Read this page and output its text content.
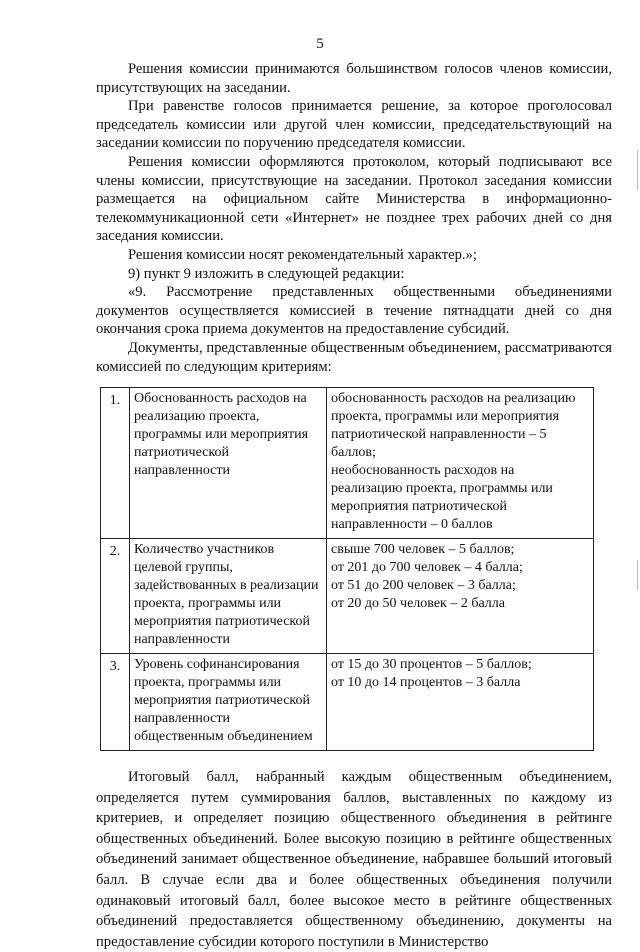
5

Решения комиссии принимаются большинством голосов членов комиссии, присутствующих на заседании.

При равенстве голосов принимается решение, за которое проголосовал председатель комиссии или другой член комиссии, председательствующий на заседании комиссии по поручению председателя комиссии.

Решения комиссии оформляются протоколом, который подписывают все члены комиссии, присутствующие на заседании. Протокол заседания комиссии размещается на официальном сайте Министерства в информационно-телекоммуникационной сети «Интернет» не позднее трех рабочих дней со дня заседания комиссии.

Решения комиссии носят рекомендательный характер.»;

9) пункт 9 изложить в следующей редакции:

«9. Рассмотрение представленных общественными объединениями документов осуществляется комиссией в течение пятнадцати дней со дня окончания срока приема документов на предоставление субсидий.

Документы, представленные общественным объединением, рассматриваются комиссией по следующим критериям:

1.	Обоснованность расходов на реализацию проекта, программы или мероприятия патриотической направленности	обоснованность расходов на реализацию проекта, программы или мероприятия патриотической направленности – 5 баллов;
необоснованность расходов на реализацию проекта, программы или мероприятия патриотической направленности – 0 баллов

2.	Количество участников целевой группы, задействованных в реализации проекта, программы или мероприятия патриотической направленности	свыше 700 человек – 5 баллов;
от 201 до 700 человек – 4 балла;
от 51 до 200 человек – 3 балла;
от 20 до 50 человек – 2 балла

3.	Уровень софинансирования проекта, программы или мероприятия патриотической направленности общественным объединением	от 15 до 30 процентов – 5 баллов;
от 10 до 14 процентов – 3 балла

Итоговый балл, набранный каждым общественным объединением, определяется путем суммирования баллов, выставленных по каждому из критериев, и определяет позицию общественного объединения в рейтинге общественных объединений. Более высокую позицию в рейтинге общественных объединений занимает общественное объединение, набравшее больший итоговый балл. В случае если два и более общественных объединения получили одинаковый итоговый балл, более высокое место в рейтинге общественных объединений предоставляется общественному объединению, документы на предоставление субсидии которого поступили в Министерство
